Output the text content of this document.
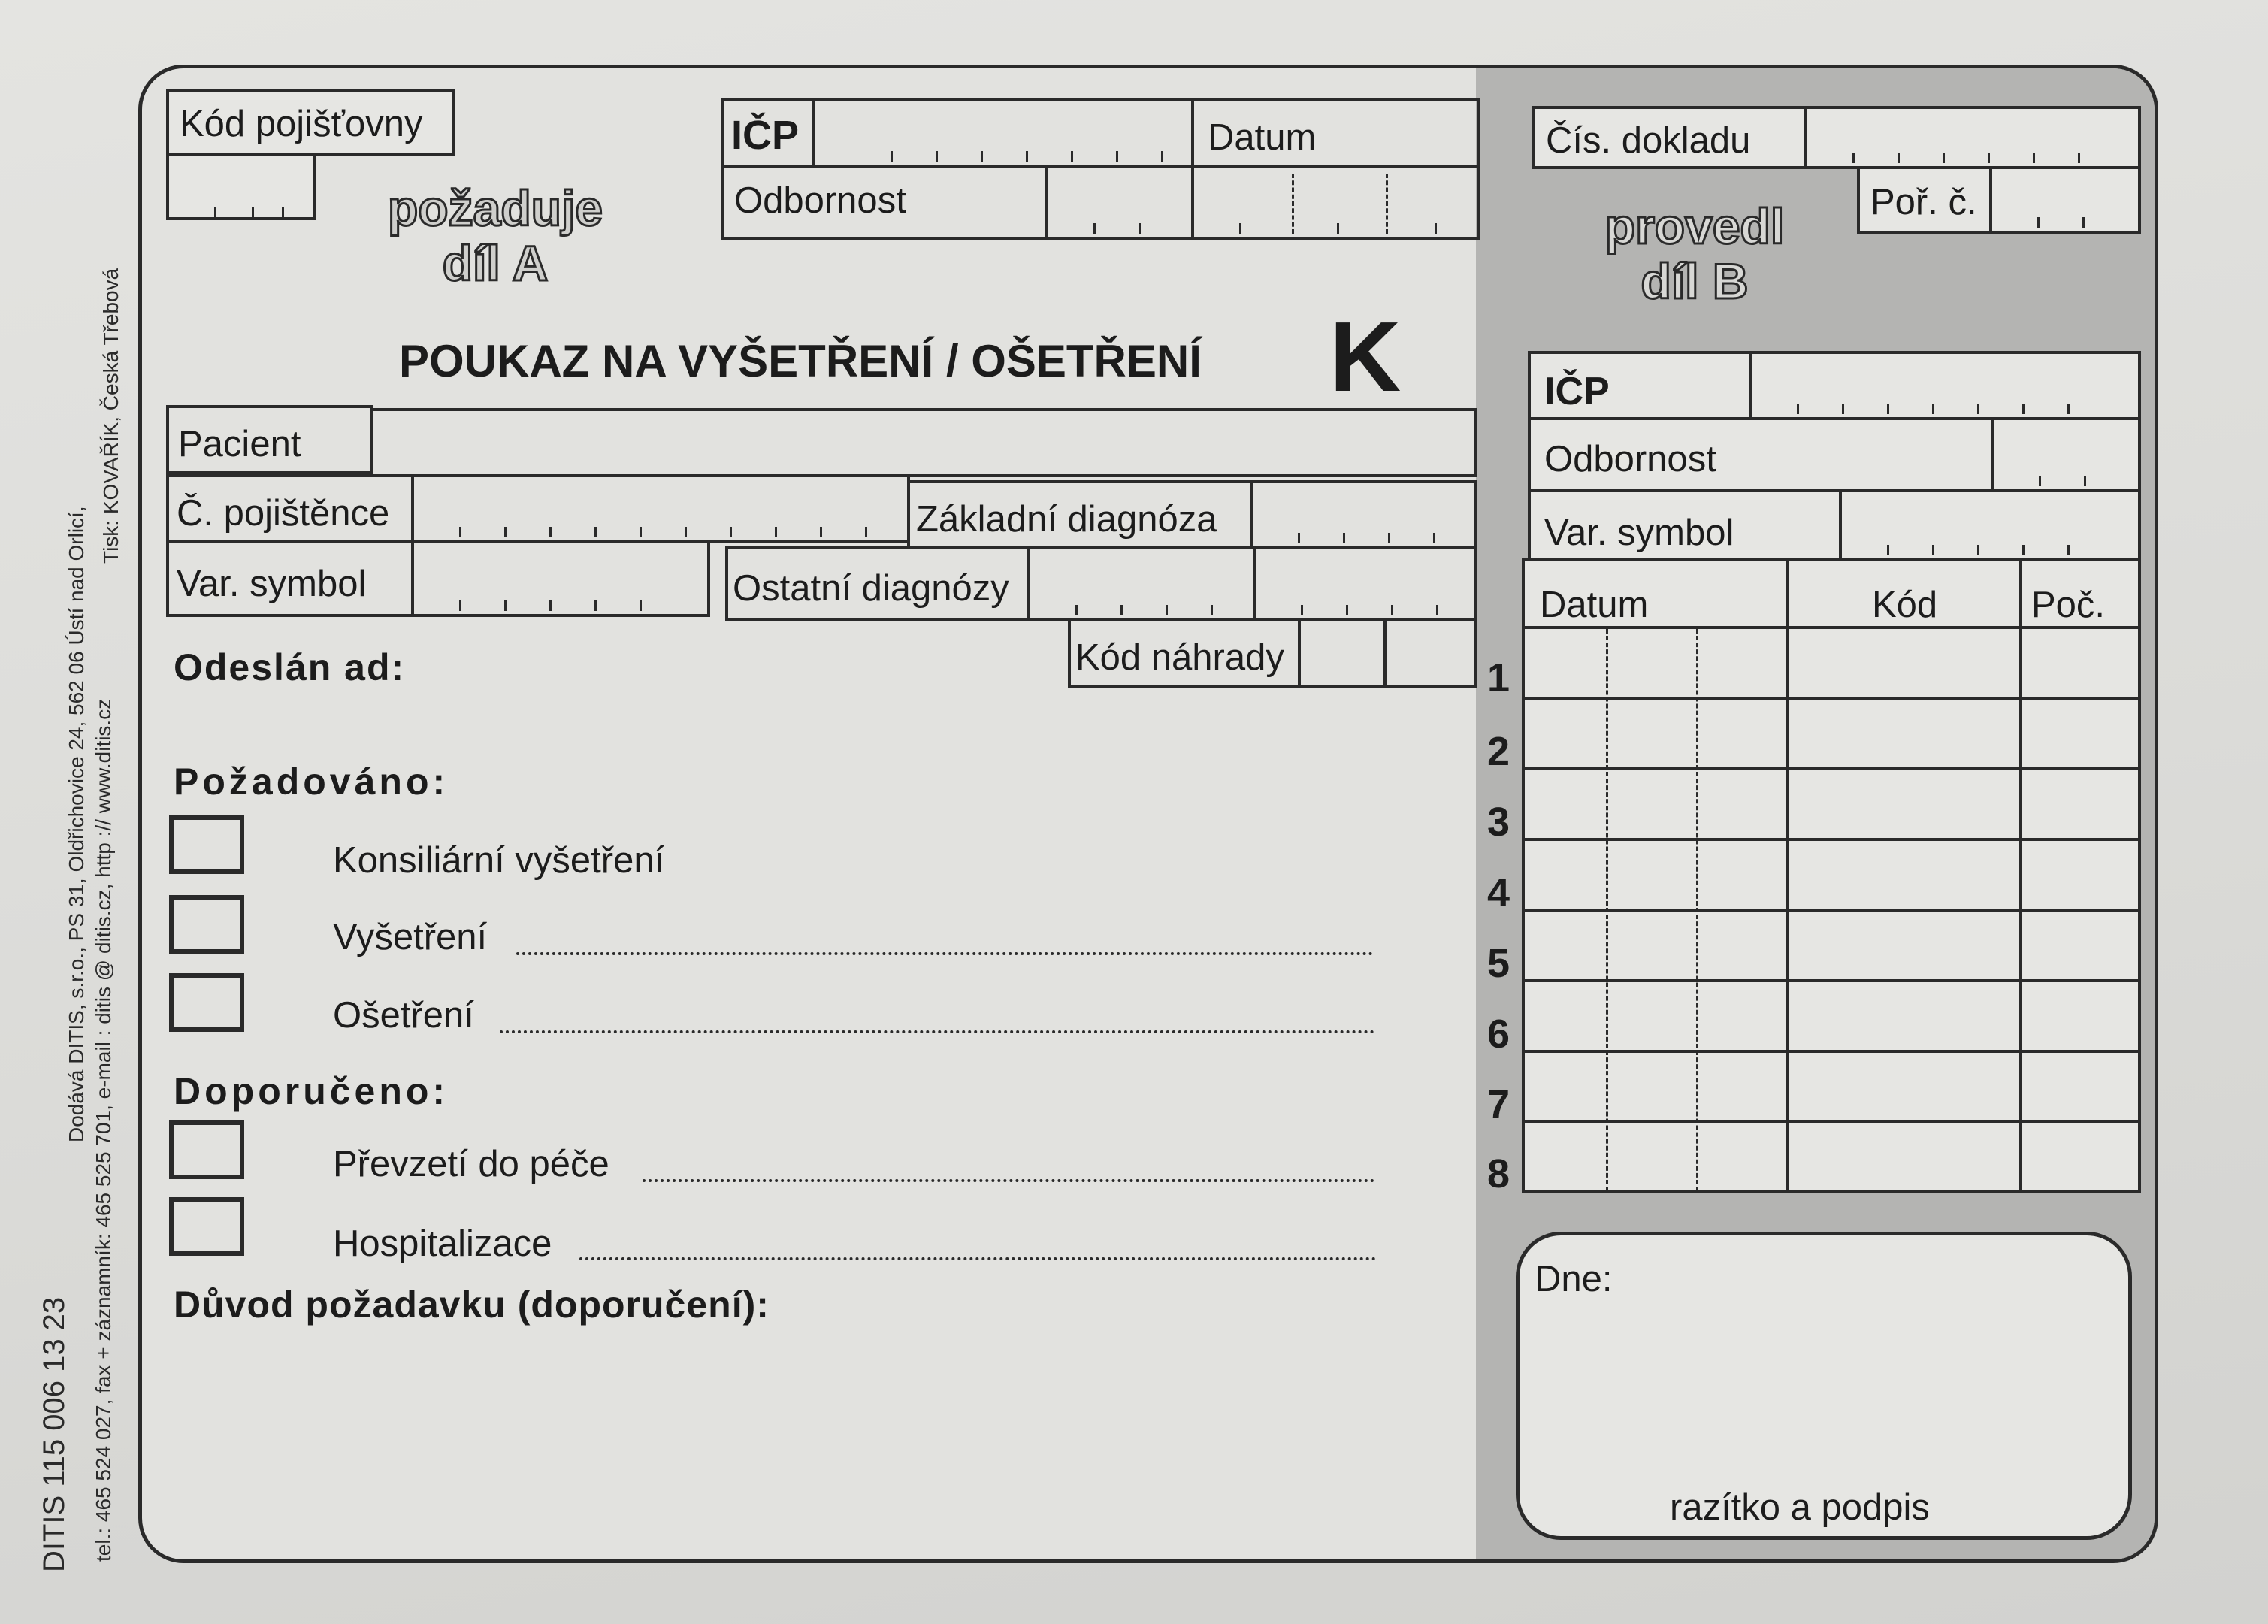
DITIS 115 006 13 23 tel.: 465 524 027, fax + záznamník: 465 525 701, e-mail : ditis @ ditis.cz, http :// www.ditis.cz
Dodává DITIS, s.r.o., PS 31, Oldřichovice 24, 562 06 Ústí nad Orlicí,
Tisk: KOVAŘÍK, Česká Třebová
Kód pojišťovny
požaduje
díl A
IČP	Datum
Odbornost
POUKAZ NA VYŠETŘENÍ / OŠETŘENÍ K
Pacient
Č. pojištěnce	Základní diagnóza
Var. symbol	Ostatní diagnózy
Kód náhrady
Odeslán ad:
Požadováno:
Konsiliární vyšetření
Vyšetření
Ošetření
Doporučeno:
Převzetí do péče
Hospitalizace
Důvod požadavku (doporučení):
Čís. dokladu
Poř. č.
provedl
díl B
IČP
Odbornost
Var. symbol
Datum	Kód	Poč.
1
2
3
4
5
6
7
8
Dne:
razítko a podpis
